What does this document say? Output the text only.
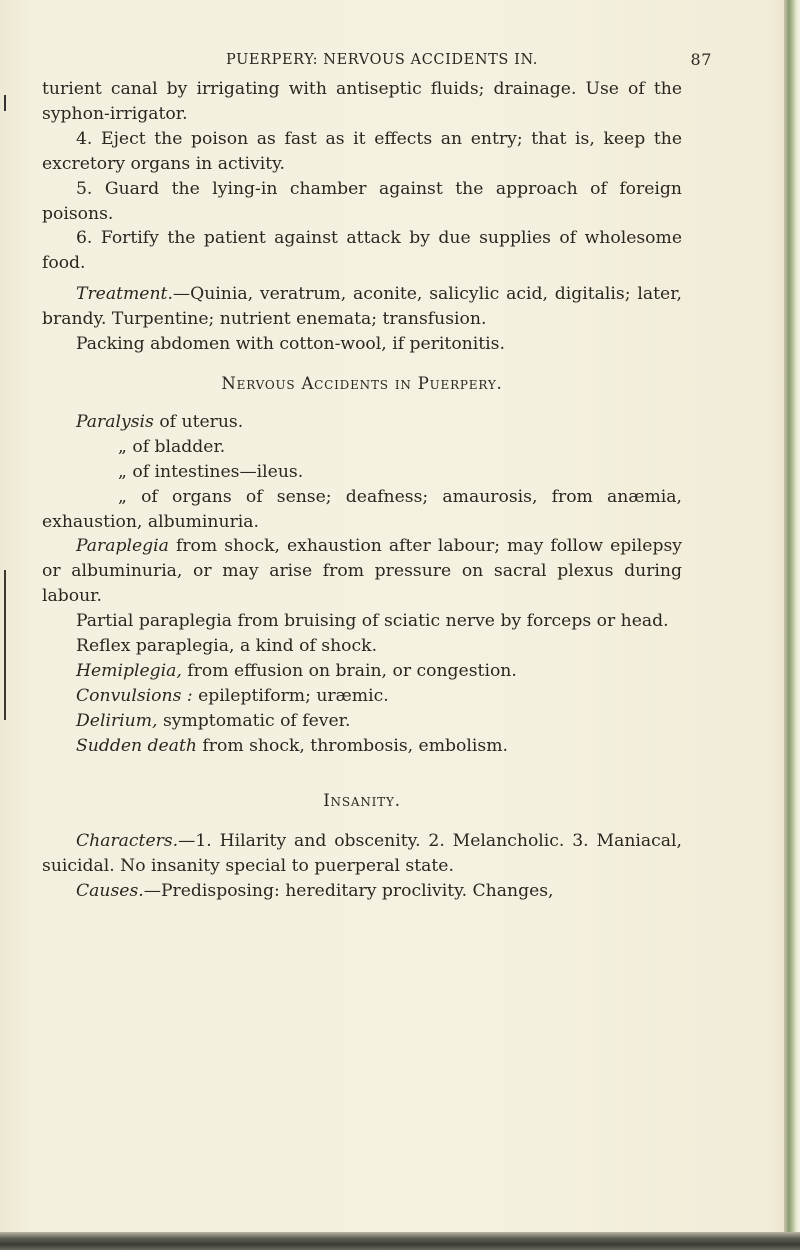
PUERPERY: NERVOUS ACCIDENTS IN.	87

turient canal by irrigating with antiseptic fluids; drainage. Use of the syphon-irrigator.

4. Eject the poison as fast as it effects an entry; that is, keep the excretory organs in activity.

5. Guard the lying-in chamber against the approach of foreign poisons.

6. Fortify the patient against attack by due supplies of wholesome food.

Treatment.—Quinia, veratrum, aconite, salicylic acid, digitalis; later, brandy. Turpentine; nutrient enemata; transfusion.

Packing abdomen with cotton-wool, if peritonitis.

Nervous Accidents in Puerpery.

Paralysis of uterus.

„ of bladder.

„ of intestines—ileus.

„ of organs of sense; deafness; amaurosis, from anæmia, exhaustion, albuminuria.

Paraplegia from shock, exhaustion after labour; may follow epilepsy or albuminuria, or may arise from pressure on sacral plexus during labour.

Partial paraplegia from bruising of sciatic nerve by forceps or head.

Reflex paraplegia, a kind of shock.

Hemiplegia, from effusion on brain, or congestion.

Convulsions : epileptiform; uræmic.

Delirium, symptomatic of fever.

Sudden death from shock, thrombosis, embolism.

Insanity.

Characters.—1. Hilarity and obscenity. 2. Melancholic. 3. Maniacal, suicidal. No insanity special to puerperal state.

Causes.—Predisposing: hereditary proclivity. Changes,
